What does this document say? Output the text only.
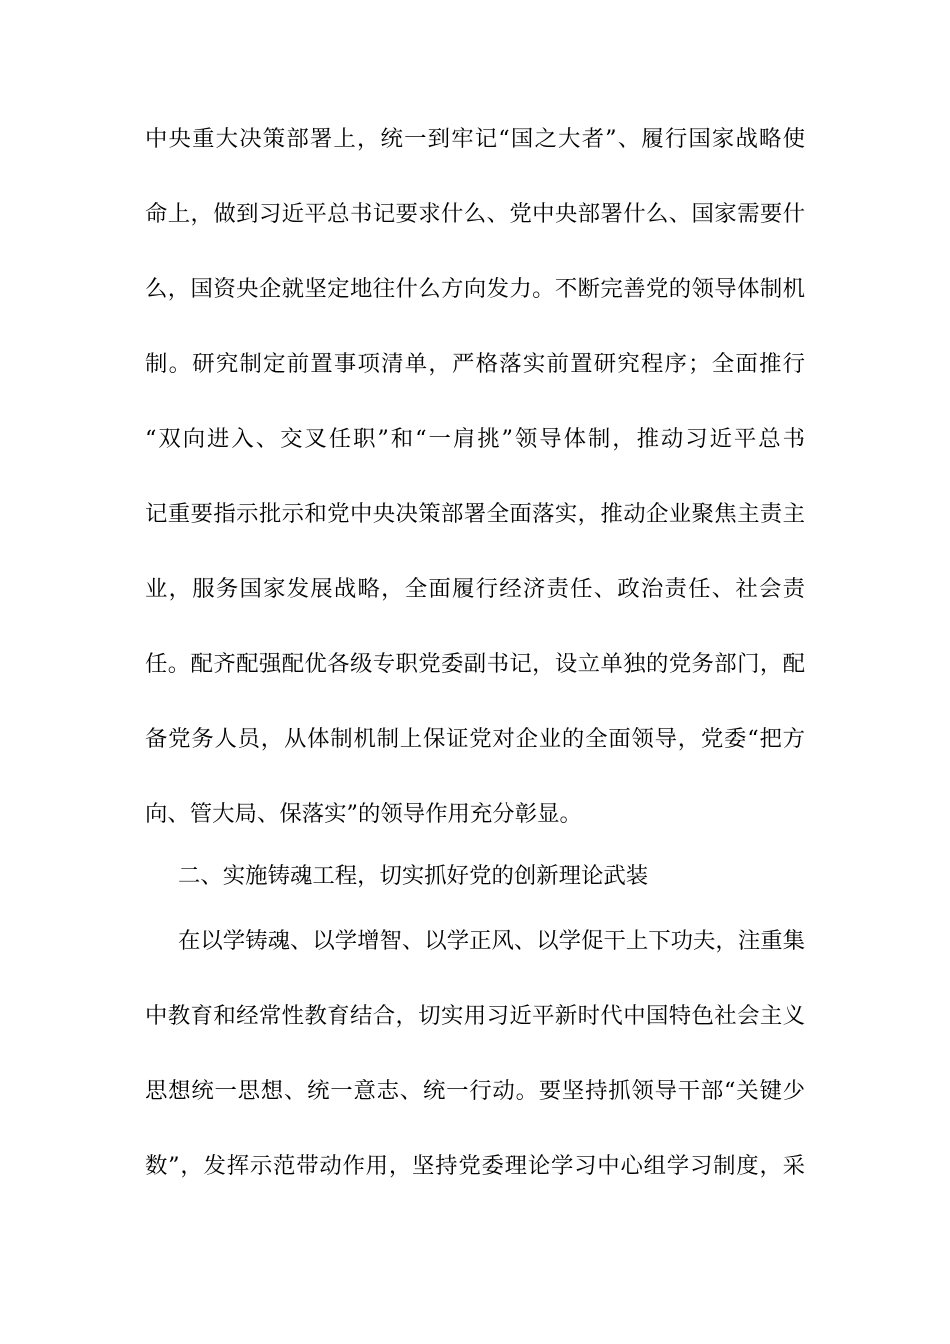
中央重大决策部署上，统一到牢记“国之大者”、履行国家战略使
命上，做到习近平总书记要求什么、党中央部署什么、国家需要什
么，国资央企就坚定地往什么方向发力。不断完善党的领导体制机
制。研究制定前置事项清单，严格落实前置研究程序；全面推行
“双向进入、交叉任职”和“一肩挑”领导体制，推动习近平总书
记重要指示批示和党中央决策部署全面落实，推动企业聚焦主责主
业，服务国家发展战略，全面履行经济责任、政治责任、社会责
任。配齐配强配优各级专职党委副书记，设立单独的党务部门，配
备党务人员，从体制机制上保证党对企业的全面领导，党委“把方
向、管大局、保落实”的领导作用充分彰显。
二、实施铸魂工程，切实抓好党的创新理论武装
在以学铸魂、以学增智、以学正风、以学促干上下功夫，注重集
中教育和经常性教育结合，切实用习近平新时代中国特色社会主义
思想统一思想、统一意志、统一行动。要坚持抓领导干部“关键少
数”，发挥示范带动作用，坚持党委理论学习中心组学习制度，采
